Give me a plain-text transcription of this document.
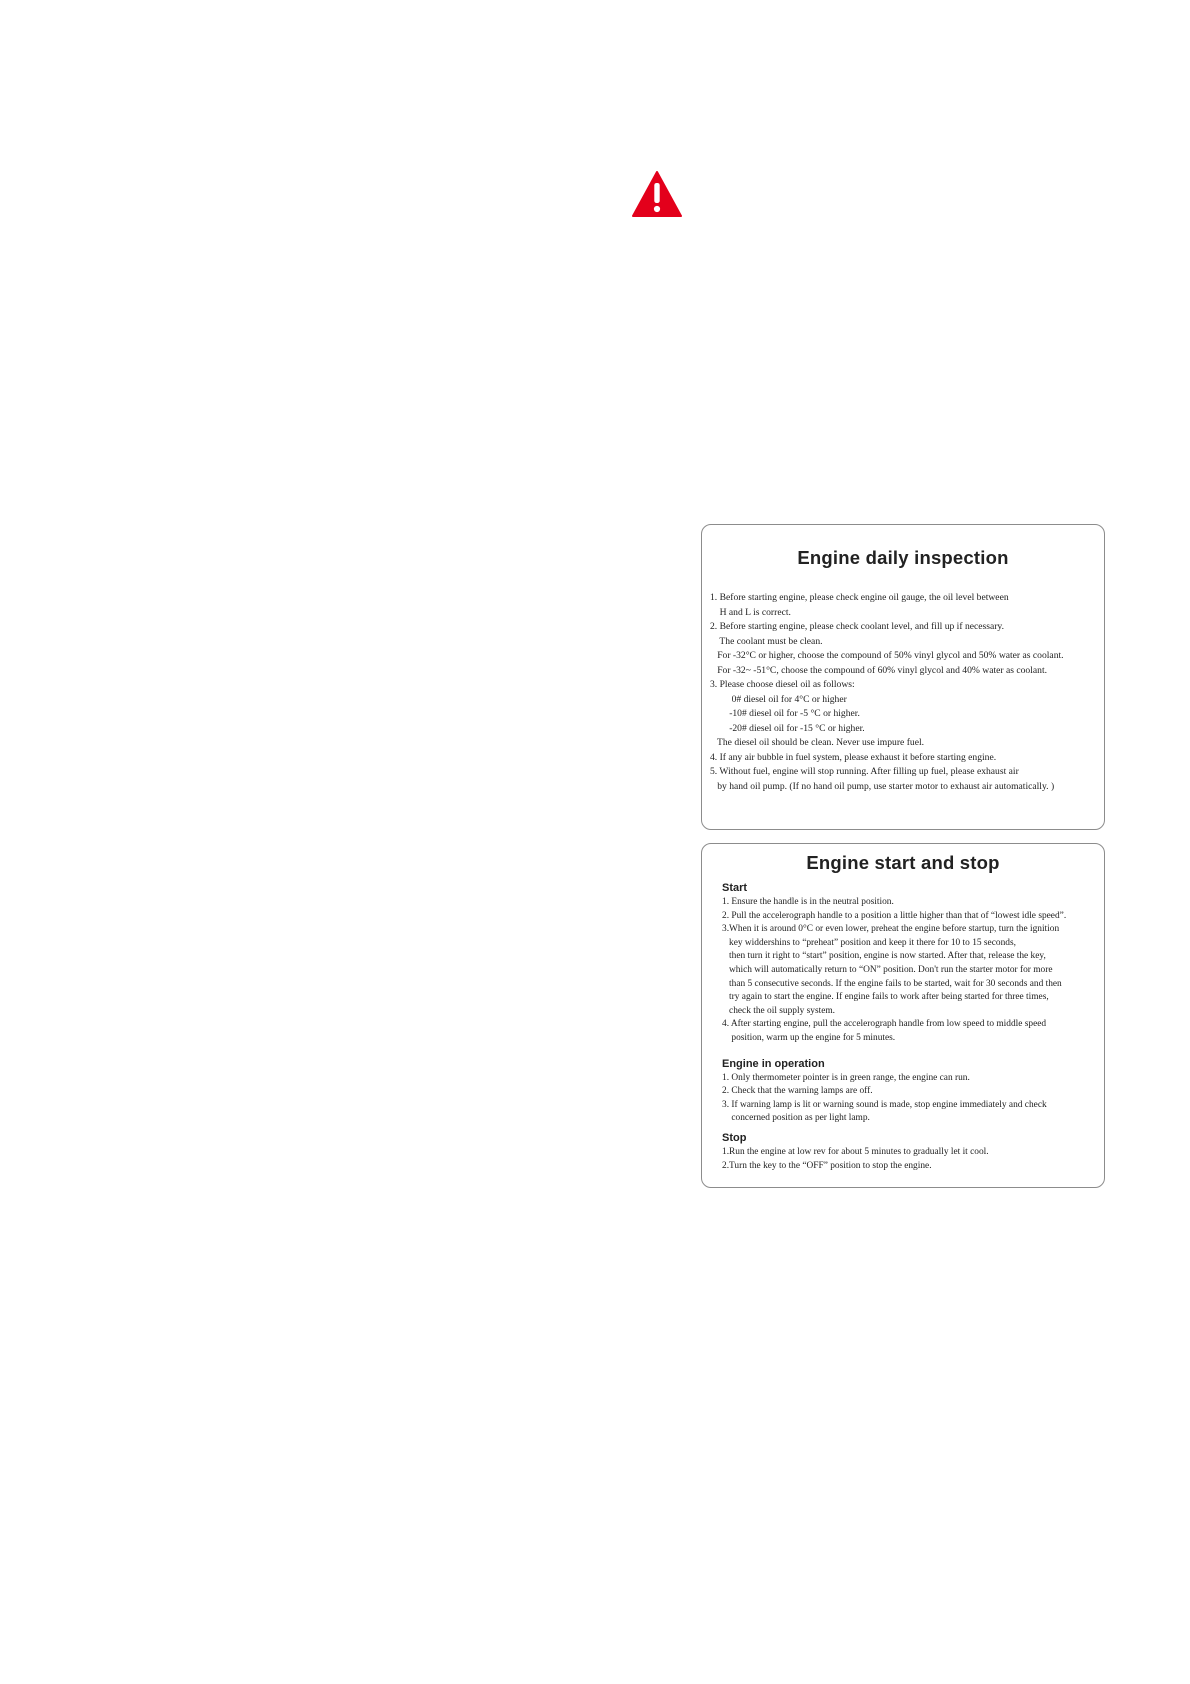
Engine daily inspection
1. Before starting engine, please check engine oil gauge, the oil level between
H and L is correct.
2. Before starting engine, please check coolant level, and fill up if necessary.
The coolant must be clean.
For -32°C or higher, choose the compound of 50% vinyl glycol and 50% water as coolant.
For -32~ -51°C, choose the compound of 60% vinyl glycol and 40% water as coolant.
3. Please choose diesel oil as follows:
0# diesel oil for 4°C or higher
-10# diesel oil for -5 °C or higher.
-20# diesel oil for -15 °C or higher.
The diesel oil should be clean. Never use impure fuel.
4. If any air bubble in fuel system, please exhaust it before starting engine.
5. Without fuel, engine will stop running. After filling up fuel, please exhaust air
by hand oil pump. (If no hand oil pump, use starter motor to exhaust air automatically. )
Engine start and stop
Start
1. Ensure the handle is in the neutral position.
2. Pull the accelerograph handle to a position a little higher than that of “lowest idle speed”.
3.When it is around 0°C or even lower, preheat the engine before startup, turn the ignition
key widdershins to “preheat” position and keep it there for 10 to 15 seconds,
then turn it right to “start” position, engine is now started. After that, release the key,
which will automatically return to “ON” position. Don't run the starter motor for more
than 5 consecutive seconds. If the engine fails to be started, wait for 30 seconds and then
try again to start the engine. If engine fails to work after being started for three times,
check the oil supply system.
4. After starting engine, pull the accelerograph handle from low speed to middle speed
position, warm up the engine for 5 minutes.
Engine in operation
1. Only thermometer pointer is in green range, the engine can run.
2. Check that the warning lamps are off.
3. If warning lamp is lit or warning sound is made, stop engine immediately and check
concerned position as per light lamp.
Stop
1.Run the engine at low rev for about 5 minutes to gradually let it cool.
2.Turn the key to the “OFF” position to stop the engine.
